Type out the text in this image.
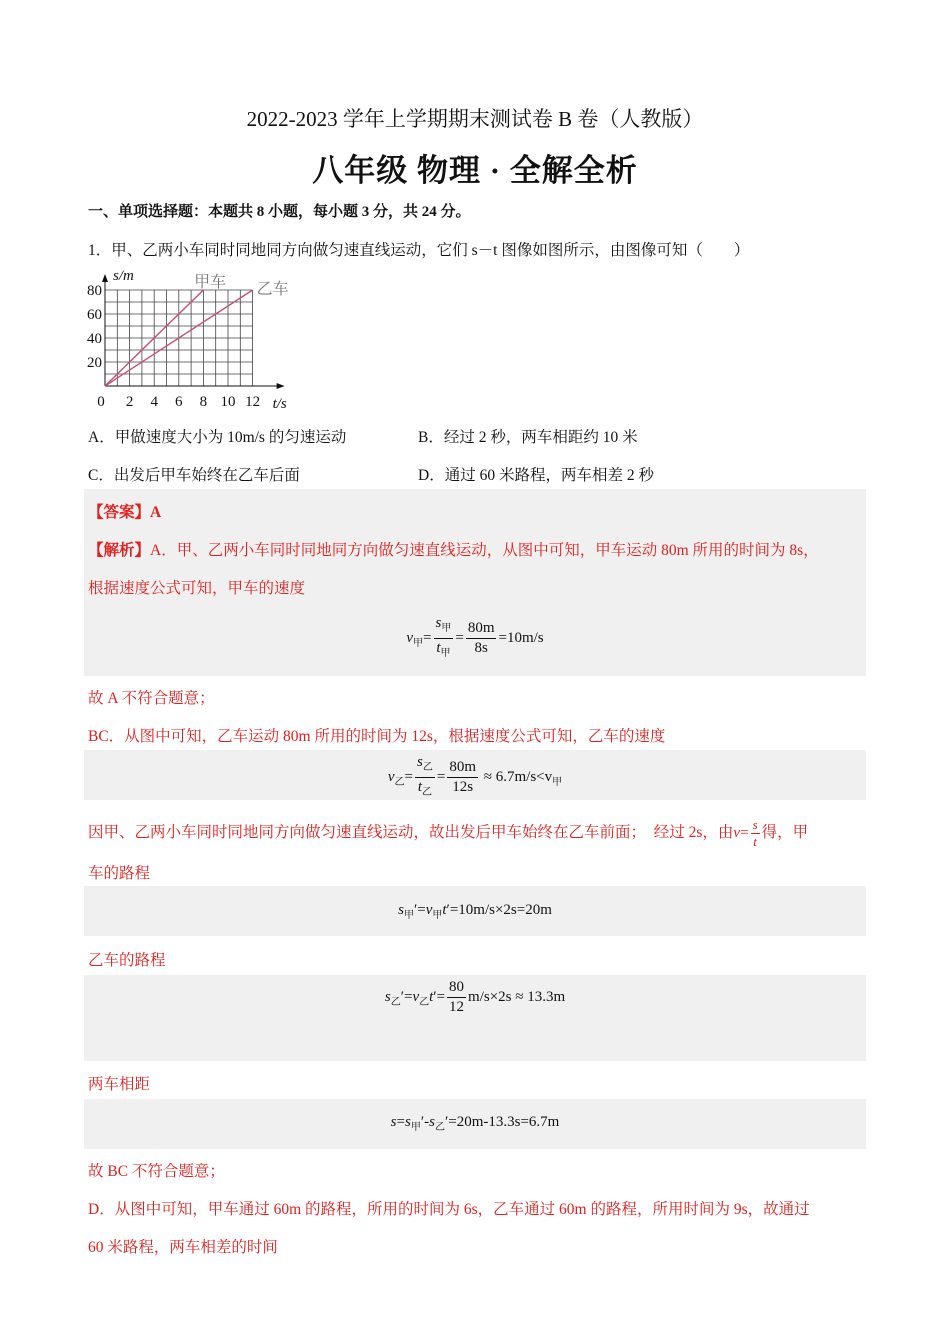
2022-2023 学年上学期期末测试卷 B 卷（人教版）
八年级 物理 · 全解全析
一、单项选择题：本题共 8 小题，每小题 3 分，共 24 分。
1．甲、乙两小车同时同地同方向做匀速直线运动，它们 s－t 图像如图所示，由图像可知（　　）
0 2 4 6 8 10 12
20
40
60
80
s/m
t/s
甲车 乙车
A．甲做速度大小为 10m/s 的匀速运动	B．经过 2 秒，两车相距约 10 米
C．出发后甲车始终在乙车后面	D．通过 60 米路程，两车相差 2 秒
【答案】A
【解析】A．甲、乙两小车同时同地同方向做匀速直线运动，从图中可知，甲车运动 80m 所用的时间为 8s，
根据速度公式可知，甲车的速度
$v_甲= \frac{s_甲}{t_甲} = \frac{80m}{8s} =10m/s$
故 A 不符合题意；
BC．从图中可知，乙车运动 80m 所用的时间为 12s，根据速度公式可知，乙车的速度
$v_乙= \frac{s_乙}{t_乙} = \frac{80m}{12s} \approx 6.7m/s<v_甲$
因甲、乙两小车同时同地同方向做匀速直线运动，故出发后甲车始终在乙车前面；　经过 2s，由$v= \frac{s}{t}$ 得，甲
车的路程
$s_甲'=v_甲t'=10m/s\times 2s=20m$
乙车的路程
$s_乙'=v_乙t'= \frac{80}{12} m/s\times 2s \approx 13.3m$
两车相距
$s=s_甲'-s_乙'=20m-13.3s=6.7m$
故 BC 不符合题意；
D．从图中可知，甲车通过 60m 的路程，所用的时间为 6s，乙车通过 60m 的路程，所用时间为 9s，故通过
60 米路程，两车相差的时间
